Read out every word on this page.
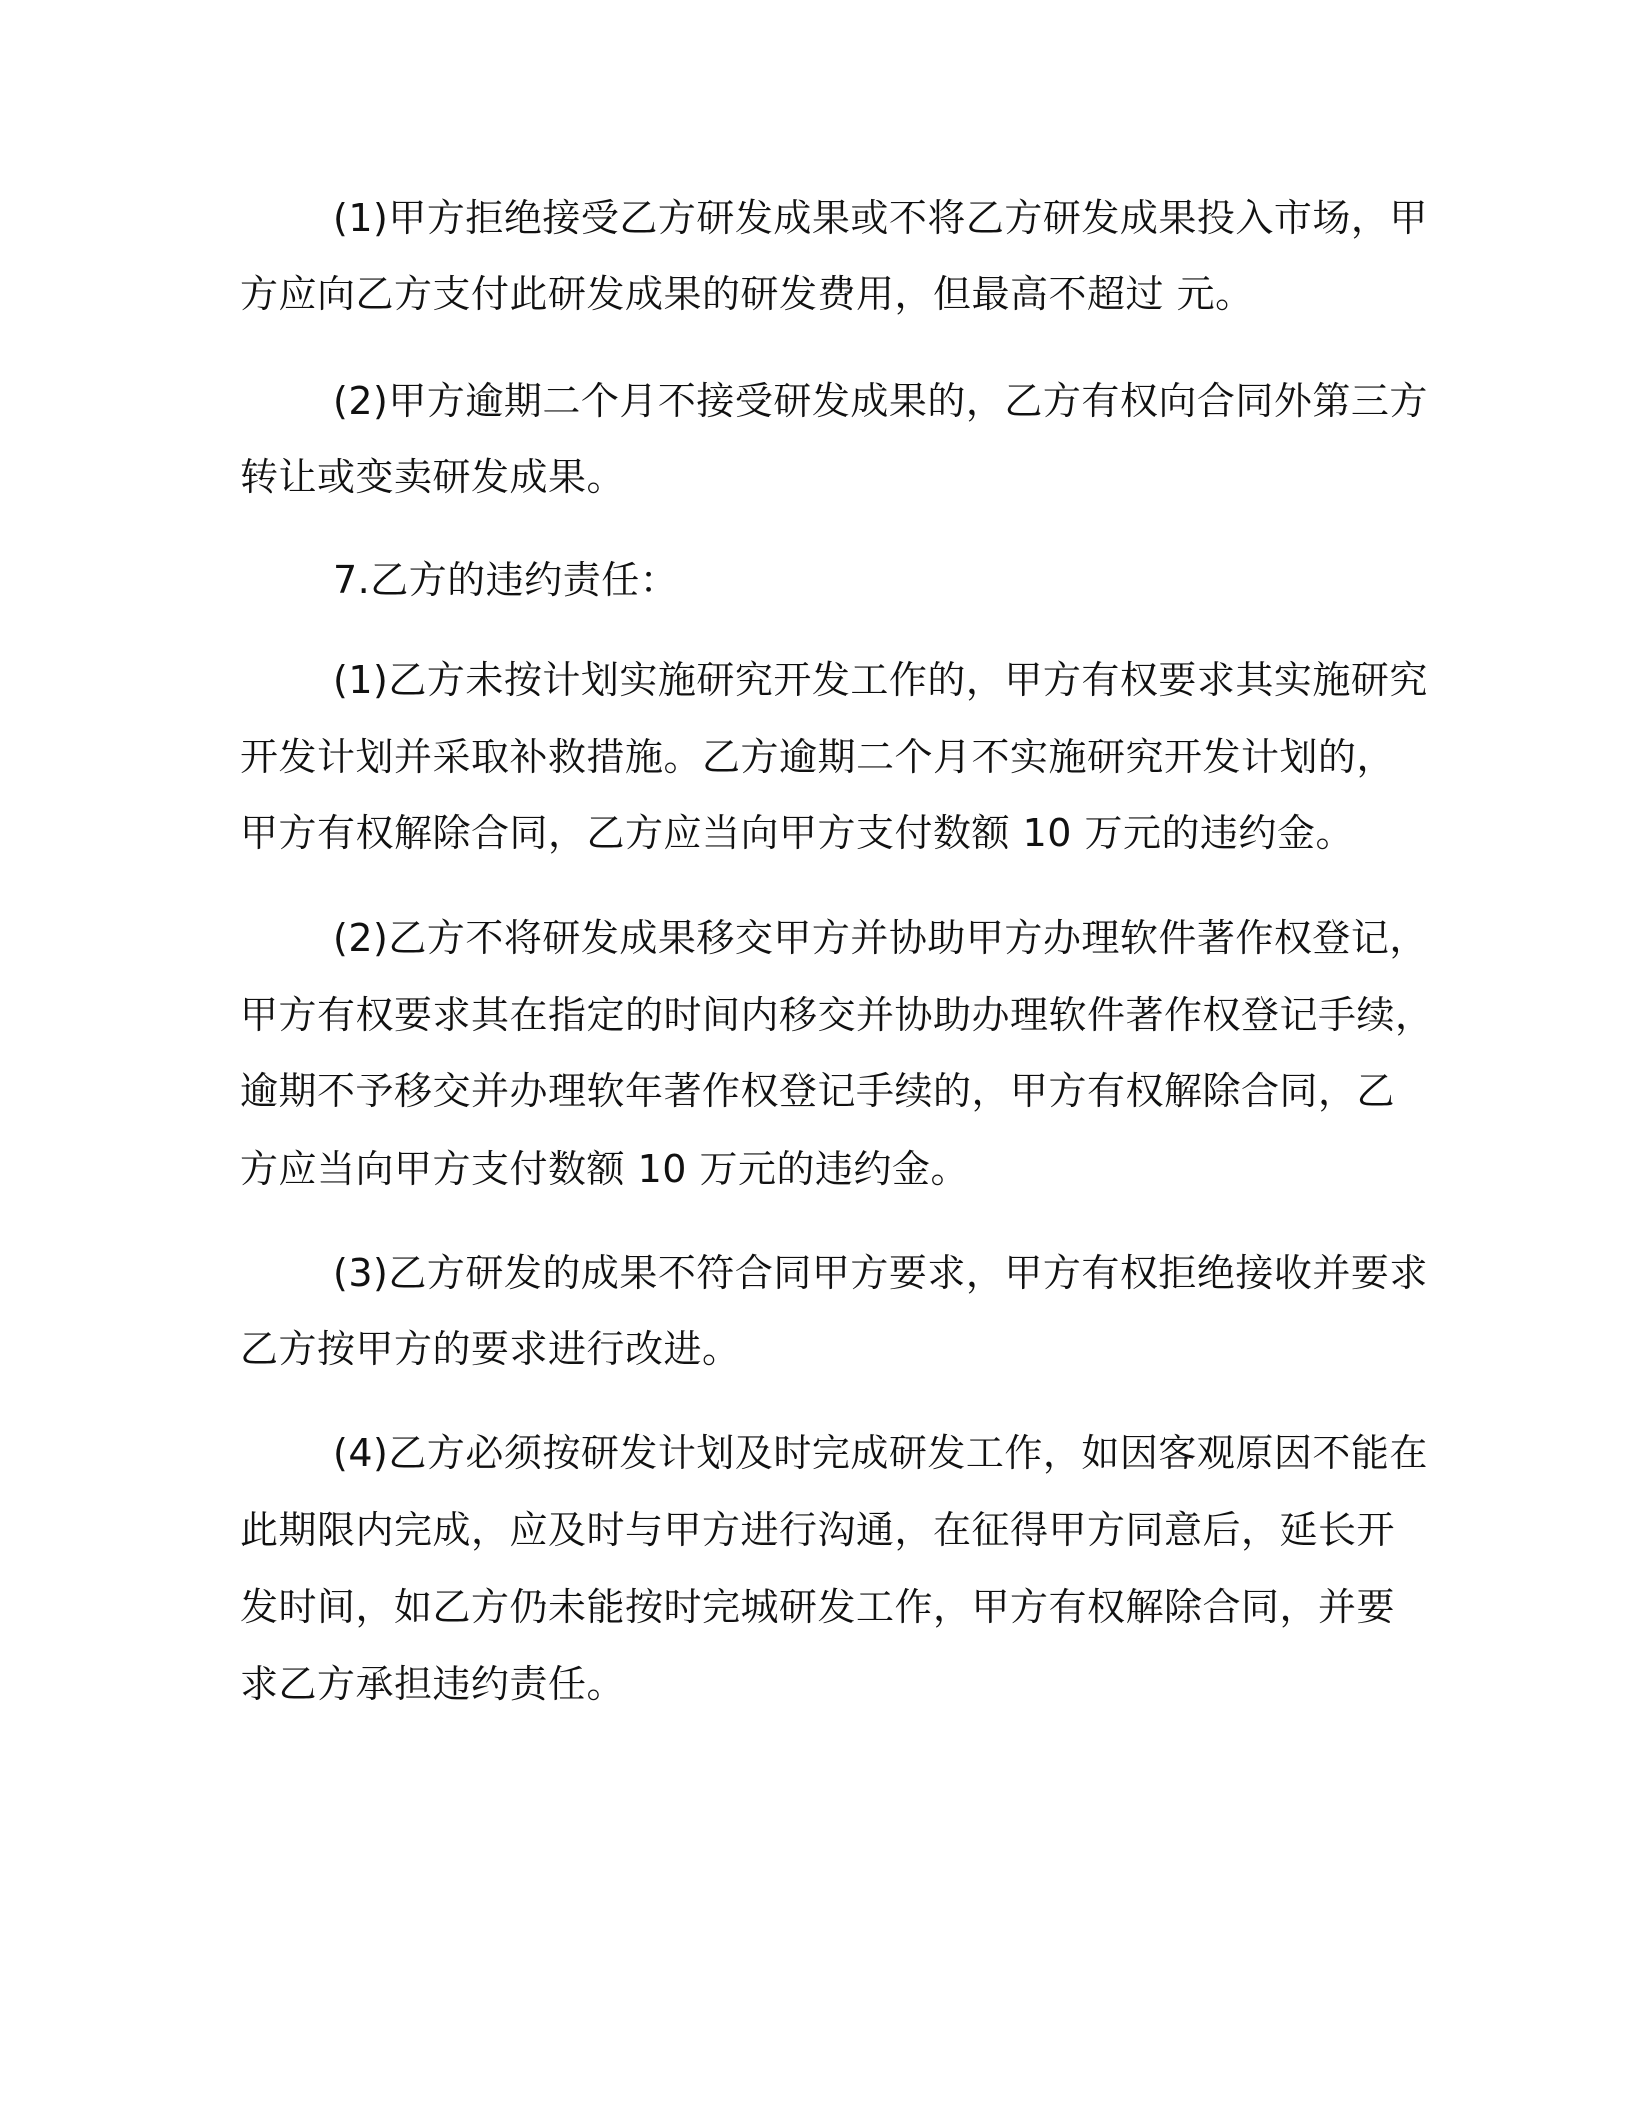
(1)甲方拒绝接受乙方研发成果或不将乙方研发成果投入市场，甲
方应向乙方支付此研发成果的研发费用，但最高不超过 元。
(2)甲方逾期二个月不接受研发成果的，乙方有权向合同外第三方
转让或变卖研发成果。
7.乙方的违约责任：
(1)乙方未按计划实施研究开发工作的，甲方有权要求其实施研究
开发计划并采取补救措施。乙方逾期二个月不实施研究开发计划的，
甲方有权解除合同，乙方应当向甲方支付数额 10 万元的违约金。
(2)乙方不将研发成果移交甲方并协助甲方办理软件著作权登记，
甲方有权要求其在指定的时间内移交并协助办理软件著作权登记手续，
逾期不予移交并办理软年著作权登记手续的，甲方有权解除合同，乙
方应当向甲方支付数额 10 万元的违约金。
(3)乙方研发的成果不符合同甲方要求，甲方有权拒绝接收并要求
乙方按甲方的要求进行改进。
(4)乙方必须按研发计划及时完成研发工作，如因客观原因不能在
此期限内完成，应及时与甲方进行沟通，在征得甲方同意后，延长开
发时间，如乙方仍未能按时完城研发工作，甲方有权解除合同，并要
求乙方承担违约责任。
